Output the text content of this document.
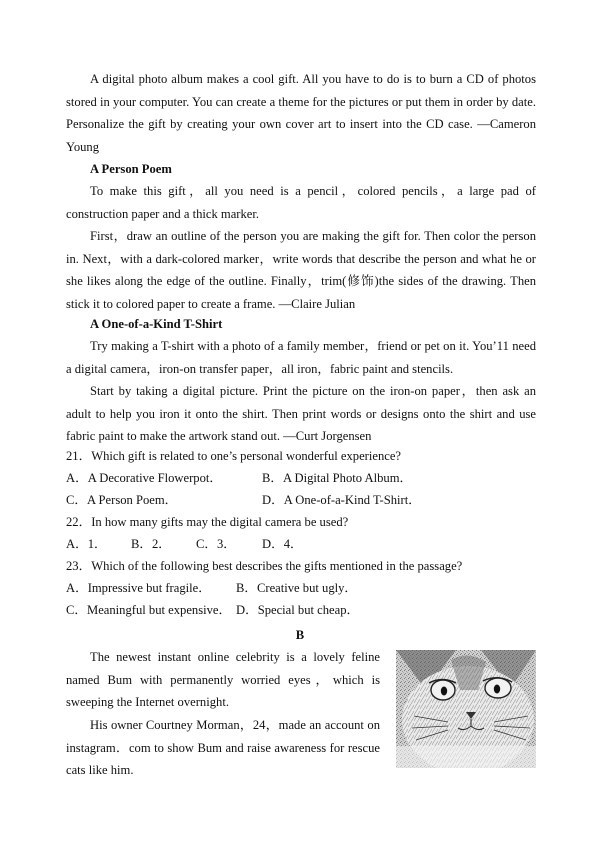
A digital photo album makes a cool gift. All you have to do is to burn a CD of photos stored in your computer. You can create a theme for the pictures or put them in order by date. Personalize the gift by creating your own cover art to insert into the CD case. —Cameron Young

A Person Poem

To make this gift，all you need is a pencil，colored pencils，a large pad of construction paper and a thick marker.

First，draw an outline of the person you are making the gift for. Then color the person in. Next，with a dark-colored marker，write words that describe the person and what he or she likes along the edge of the outline. Finally，trim(修饰)the sides of the drawing. Then stick it to colored paper to create a frame. —Claire Julian

A One-of-a-Kind T-Shirt

Try making a T-shirt with a photo of a family member，friend or pet on it. You’11 need a digital camera，iron-on transfer paper，all iron，fabric paint and stencils.

Start by taking a digital picture. Print the picture on the iron-on paper，then ask an adult to help you iron it onto the shirt. Then print words or designs onto the shirt and use fabric paint to make the artwork stand out. —Curt Jorgensen

21．Which gift is related to one’s personal wonderful experience?

A．A Decorative Flowerpot．	B．A Digital Photo Album．
C．A Person Poem．	D．A One-of-a-Kind T-Shirt．

22．In how many gifts may the digital camera be used?

A．1． B．2． C．3． D．4．

23．Which of the following best describes the gifts mentioned in the passage?

A．Impressive but fragile． B．Creative but ugly．
C．Meaningful but expensive． D．Special but cheap．
B

The newest instant online celebrity is a lovely feline named Bum with permanently worried eyes，which is sweeping the Internet overnight.

His owner Courtney Morman，24，made an account on instagram．com to show Bum and raise awareness for rescue cats like him.
